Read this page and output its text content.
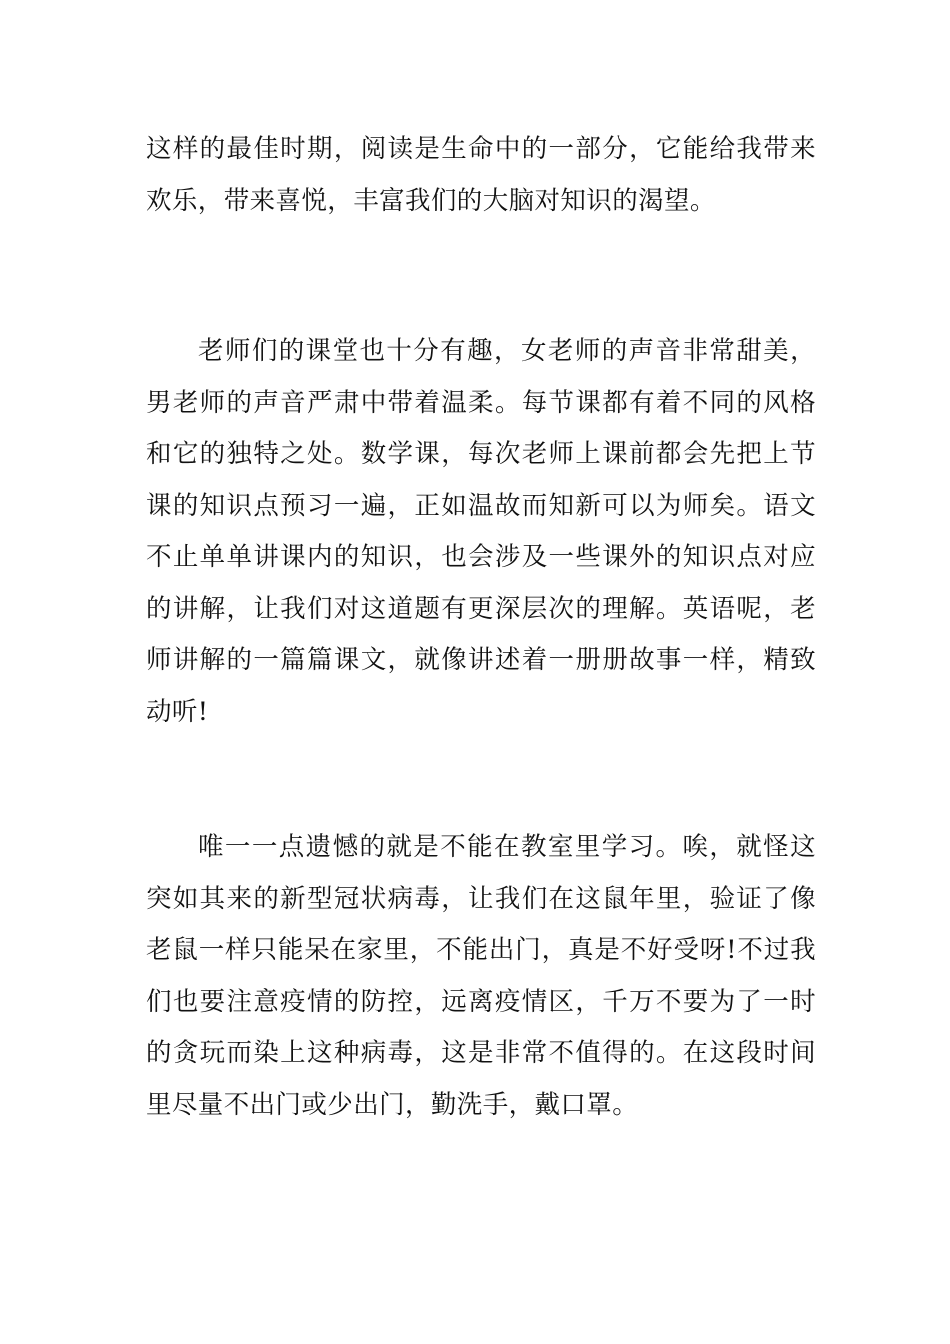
这样的最佳时期，阅读是生命中的一部分，它能给我带来欢乐，带来喜悦，丰富我们的大脑对知识的渴望。

老师们的课堂也十分有趣，女老师的声音非常甜美，男老师的声音严肃中带着温柔。每节课都有着不同的风格和它的独特之处。数学课，每次老师上课前都会先把上节课的知识点预习一遍，正如温故而知新可以为师矣。语文不止单单讲课内的知识，也会涉及一些课外的知识点对应的讲解，让我们对这道题有更深层次的理解。英语呢，老师讲解的一篇篇课文，就像讲述着一册册故事一样，精致动听!

唯一一点遗憾的就是不能在教室里学习。唉，就怪这突如其来的新型冠状病毒，让我们在这鼠年里，验证了像老鼠一样只能呆在家里，不能出门，真是不好受呀!不过我们也要注意疫情的防控，远离疫情区，千万不要为了一时的贪玩而染上这种病毒，这是非常不值得的。在这段时间里尽量不出门或少出门，勤洗手，戴口罩。
